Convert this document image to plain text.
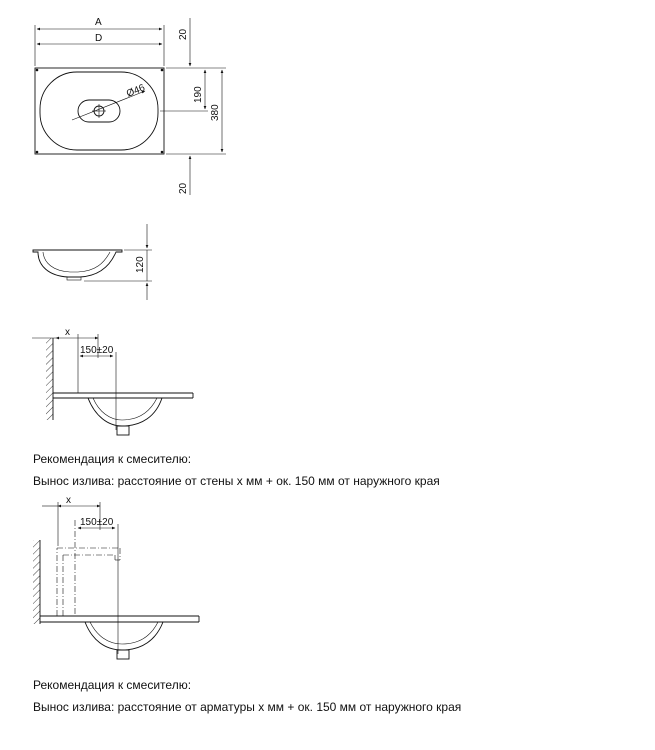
Ø46
A
D	20
190
380
20
120
x
150±20
x
150±20
Рекомендация к смесителю:
Вынос излива: расстояние от стены x мм + ок. 150 мм от наружного края
Рекомендация к смесителю:
Вынос излива: расстояние от арматуры x мм + ок. 150 мм от наружного края
